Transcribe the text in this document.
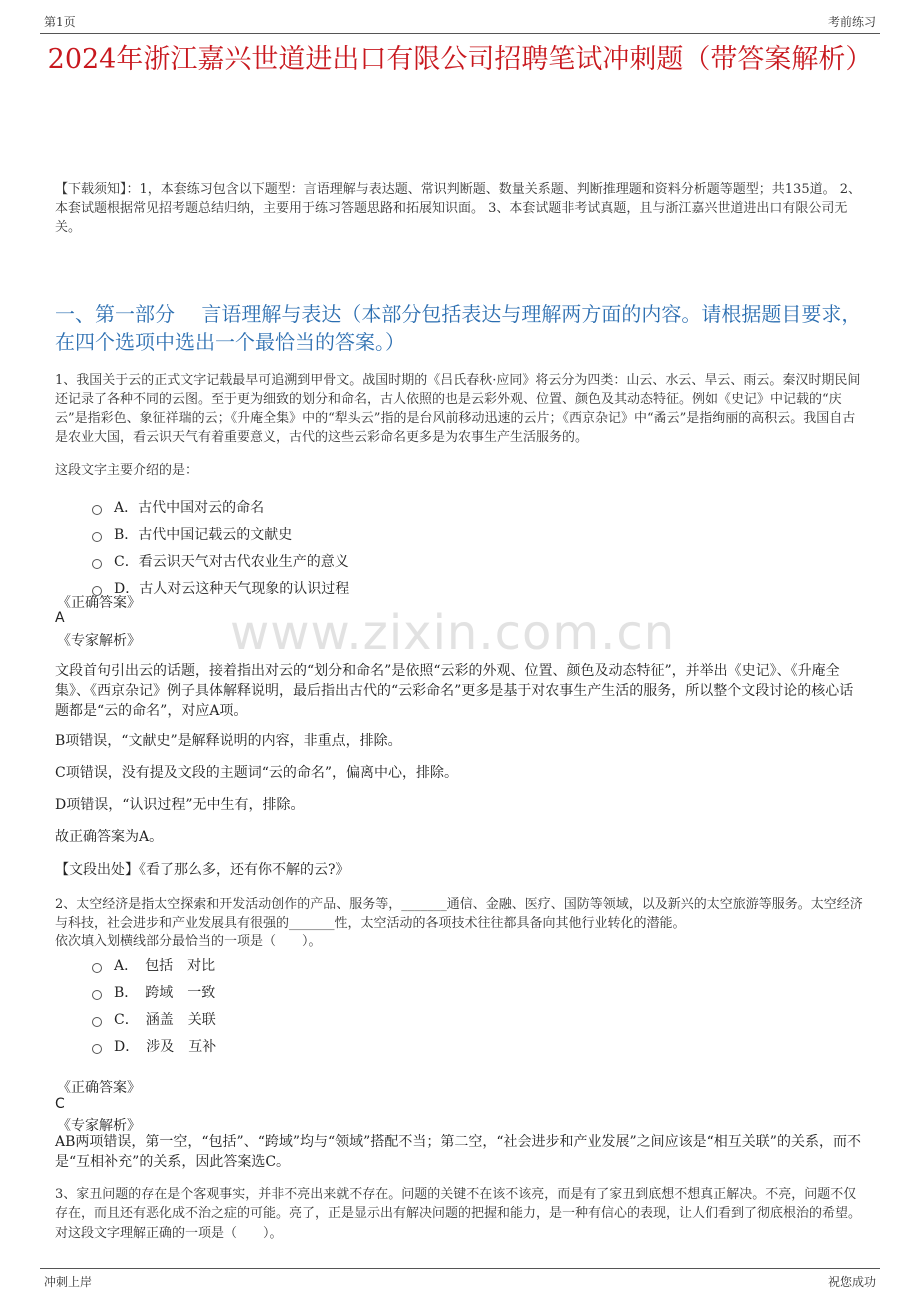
第1页	考前练习
2024年浙江嘉兴世道进出口有限公司招聘笔试冲刺题（带答案解析）
【下载须知】：1，本套练习包含以下题型：言语理解与表达题、常识判断题、数量关系题、判断推理题和资料分析题等题型；共135道。 2、本套试题根据常见招考题总结归纳，主要用于练习答题思路和拓展知识面。 3、本套试题非考试真题，且与浙江嘉兴世道进出口有限公司无关。
一、第一部分　 言语理解与表达（本部分包括表达与理解两方面的内容。请根据题目要求，在四个选项中选出一个最恰当的答案。）
1、我国关于云的正式文字记载最早可追溯到甲骨文。战国时期的《吕氏春秋·应同》将云分为四类：山云、水云、旱云、雨云。秦汉时期民间还记录了各种不同的云图。至于更为细致的划分和命名，古人依照的也是云彩外观、位置、颜色及其动态特征。例如《史记》中记载的“庆云”是指彩色、象征祥瑞的云；《升庵全集》中的“犁头云”指的是台风前移动迅速的云片；《西京杂记》中“矞云”是指绚丽的高积云。我国自古是农业大国，看云识天气有着重要意义，古代的这些云彩命名更多是为农事生产生活服务的。
这段文字主要介绍的是：
A．古代中国对云的命名
B．古代中国记载云的文献史
C．看云识天气对古代农业生产的意义
D．古人对云这种天气现象的认识过程
《正确答案》
A
《专家解析》 www.zixin.com.cn
文段首句引出云的话题，接着指出对云的“划分和命名”是依照“云彩的外观、位置、颜色及动态特征”，并举出《史记》、《升庵全集》、《西京杂记》例子具体解释说明，最后指出古代的“云彩命名”更多是基于对农事生产生活的服务，所以整个文段讨论的核心话题都是“云的命名”，对应A项。
B项错误，“文献史”是解释说明的内容，非重点，排除。
C项错误，没有提及文段的主题词“云的命名”，偏离中心，排除。
D项错误，“认识过程”无中生有，排除。
故正确答案为A。
【文段出处】《看了那么多，还有你不解的云?》
2、太空经济是指太空探索和开发活动创作的产品、服务等，_______通信、金融、医疗、国防等领域，以及新兴的太空旅游等服务。太空经济与科技，社会进步和产业发展具有很强的_______性，太空活动的各项技术往往都具备向其他行业转化的潜能。
依次填入划横线部分最恰当的一项是（　　）。
A．　包括　对比
B．　跨域　一致
C．　涵盖　关联
D．　涉及　互补
《正确答案》
C
《专家解析》
AB两项错误，第一空，“包括”、“跨域”均与“领域”搭配不当；第二空，“社会进步和产业发展”之间应该是“相互关联”的关系，而不是“互相补充”的关系，因此答案选C。
3、家丑问题的存在是个客观事实，并非不亮出来就不存在。问题的关键不在该不该亮，而是有了家丑到底想不想真正解决。不亮，问题不仅存在，而且还有恶化成不治之症的可能。亮了，正是显示出有解决问题的把握和能力，是一种有信心的表现，让人们看到了彻底根治的希望。
对这段文字理解正确的一项是（　　）。
冲刺上岸	祝您成功
